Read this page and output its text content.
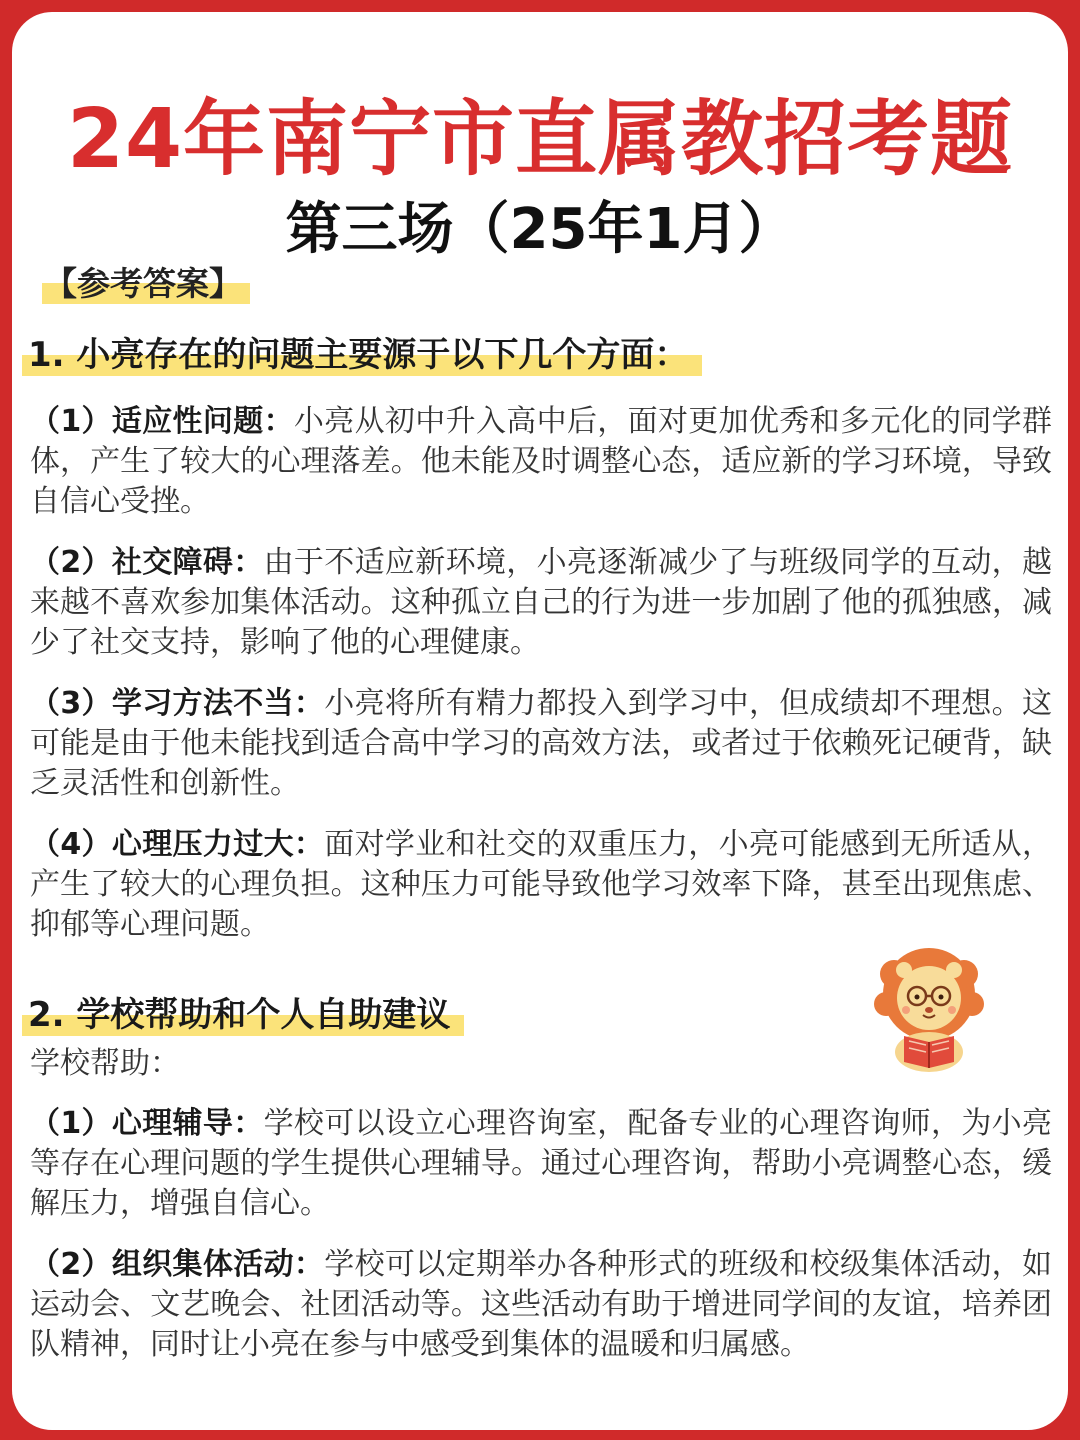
24年南宁市直属教招考题
第三场（25年1月）
【参考答案】
1. 小亮存在的问题主要源于以下几个方面：

（1）适应性问题：小亮从初中升入高中后，面对更加优秀和多元化的同学群体，产生了较大的心理落差。他未能及时调整心态，适应新的学习环境，导致自信心受挫。

（2）社交障碍：由于不适应新环境，小亮逐渐减少了与班级同学的互动，越来越不喜欢参加集体活动。这种孤立自己的行为进一步加剧了他的孤独感，减少了社交支持，影响了他的心理健康。

（3）学习方法不当：小亮将所有精力都投入到学习中，但成绩却不理想。这可能是由于他未能找到适合高中学习的高效方法，或者过于依赖死记硬背，缺乏灵活性和创新性。

（4）心理压力过大：面对学业和社交的双重压力，小亮可能感到无所适从，产生了较大的心理负担。这种压力可能导致他学习效率下降，甚至出现焦虑、抑郁等心理问题。

2. 学校帮助和个人自助建议

学校帮助：

（1）心理辅导：学校可以设立心理咨询室，配备专业的心理咨询师，为小亮等存在心理问题的学生提供心理辅导。通过心理咨询，帮助小亮调整心态，缓解压力，增强自信心。

（2）组织集体活动：学校可以定期举办各种形式的班级和校级集体活动，如运动会、文艺晚会、社团活动等。这些活动有助于增进同学间的友谊，培养团队精神，同时让小亮在参与中感受到集体的温暖和归属感。
